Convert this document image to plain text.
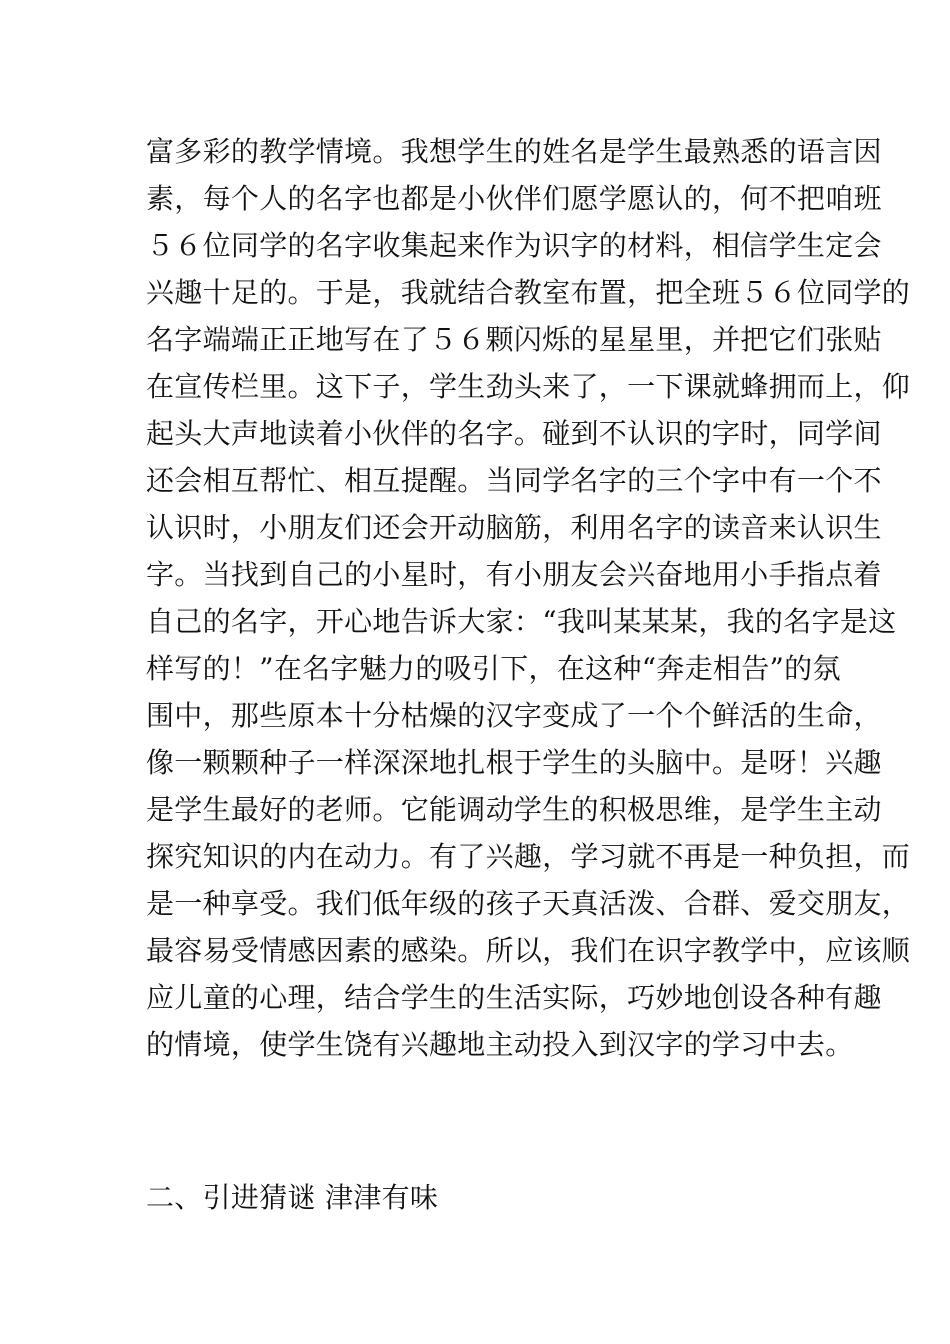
富多彩的教学情境。我想学生的姓名是学生最熟悉的语言因
素，每个人的名字也都是小伙伴们愿学愿认的，何不把咱班
５６位同学的名字收集起来作为识字的材料，相信学生定会
兴趣十足的。于是，我就结合教室布置，把全班５６位同学的
名字端端正正地写在了５６颗闪烁的星星里，并把它们张贴
在宣传栏里。这下子，学生劲头来了，一下课就蜂拥而上，仰
起头大声地读着小伙伴的名字。碰到不认识的字时，同学间
还会相互帮忙、相互提醒。当同学名字的三个字中有一个不
认识时，小朋友们还会开动脑筋，利用名字的读音来认识生
字。当找到自己的小星时，有小朋友会兴奋地用小手指点着
自己的名字，开心地告诉大家：“我叫某某某，我的名字是这
样写的！”在名字魅力的吸引下，在这种“奔走相告”的氛
围中，那些原本十分枯燥的汉字变成了一个个鲜活的生命，
像一颗颗种子一样深深地扎根于学生的头脑中。是呀！兴趣
是学生最好的老师。它能调动学生的积极思维，是学生主动
探究知识的内在动力。有了兴趣，学习就不再是一种负担，而
是一种享受。我们低年级的孩子天真活泼、合群、爱交朋友，
最容易受情感因素的感染。所以，我们在识字教学中，应该顺
应儿童的心理，结合学生的生活实际，巧妙地创设各种有趣
的情境，使学生饶有兴趣地主动投入到汉字的学习中去。
二、引进猜谜 津津有味
